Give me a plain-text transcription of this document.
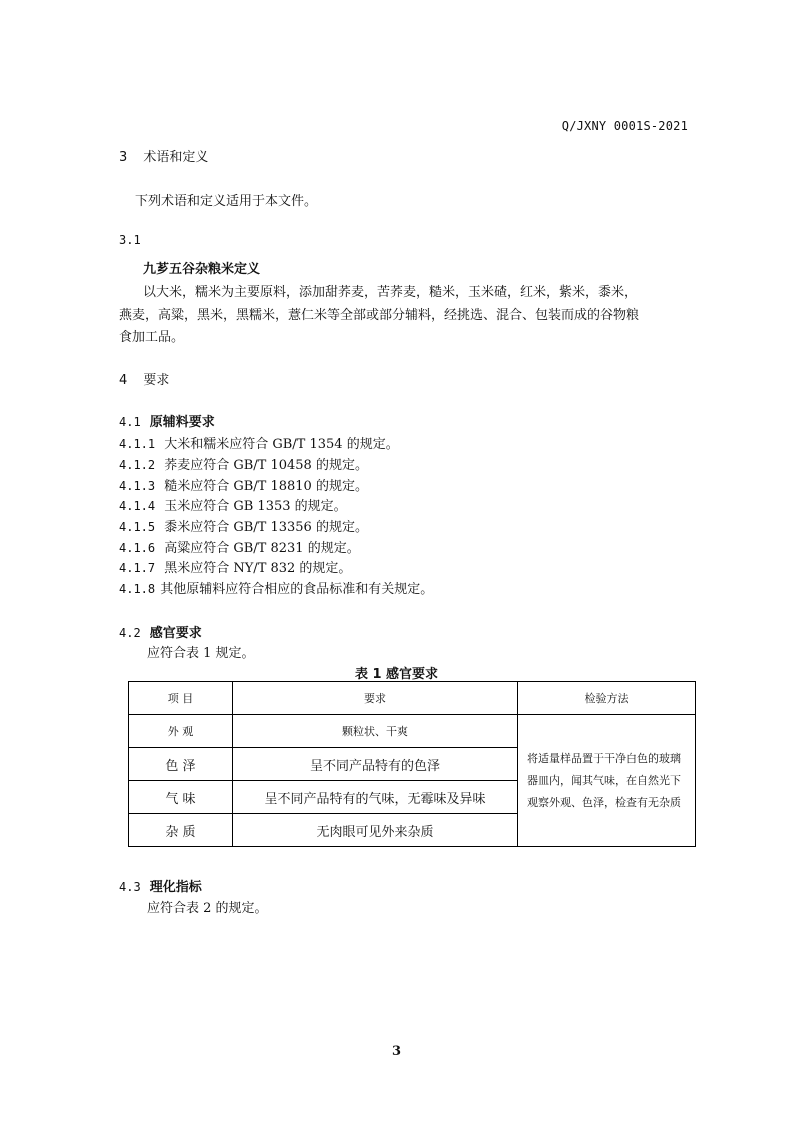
Q/JXNY 0001S-2021
3 术语和定义
下列术语和定义适用于本文件。
3.1
九芗五谷杂粮米定义
以大米，糯米为主要原料，添加甜荞麦，苦荞麦，糙米，玉米碴，红米，紫米，黍米，
燕麦，高粱，黑米，黑糯米，薏仁米等全部或部分辅料，经挑选、混合、包装而成的谷物粮
食加工品。
4 要求
4.1 原辅料要求
4.1.1 大米和糯米应符合 GB/T 1354 的规定。
4.1.2 荞麦应符合 GB/T 10458 的规定。
4.1.3 糙米应符合 GB/T 18810 的规定。
4.1.4 玉米应符合 GB 1353 的规定。
4.1.5 黍米应符合 GB/T 13356 的规定。
4.1.6 高粱应符合 GB/T 8231 的规定。
4.1.7 黑米应符合 NY/T 832 的规定。
4.1.8 其他原辅料应符合相应的食品标准和有关规定。
4.2 感官要求
应符合表 1 规定。
表 1 感官要求
项 目	要求	检验方法
外 观	颗粒状、干爽	将适量样品置于干净白色的玻璃器皿内，闻其气味，在自然光下观察外观、色泽，检查有无杂质
色 泽	呈不同产品特有的色泽	
气 味	呈不同产品特有的气味，无霉味及异味	
杂 质	无肉眼可见外来杂质	
4.3 理化指标
应符合表 2 的规定。
3
